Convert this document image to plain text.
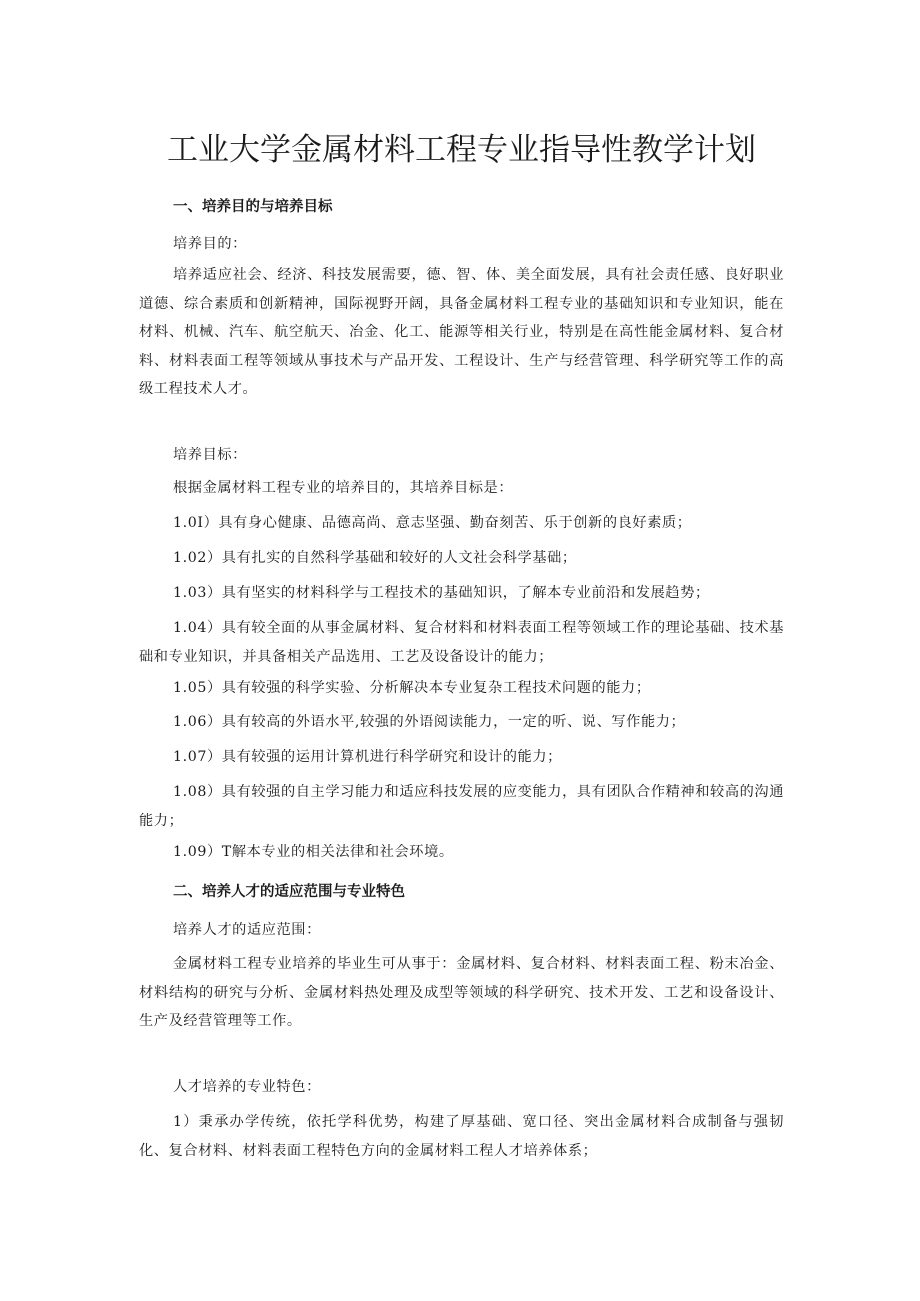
工业大学金属材料工程专业指导性教学计划
一、培养目的与培养目标

培养目的：

培养适应社会、经济、科技发展需要，德、智、体、美全面发展，具有社会责任感、良好职业道德、综合素质和创新精神，国际视野开阔，具备金属材料工程专业的基础知识和专业知识，能在材料、机械、汽车、航空航天、冶金、化工、能源等相关行业，特别是在高性能金属材料、复合材料、材料表面工程等领域从事技术与产品开发、工程设计、生产与经营管理、科学研究等工作的高级工程技术人才。

培养目标：

根据金属材料工程专业的培养目的，其培养目标是：

1.0I）具有身心健康、品德高尚、意志坚强、勤奋刻苦、乐于创新的良好素质；

1.02）具有扎实的自然科学基础和较好的人文社会科学基础；

1.03）具有坚实的材料科学与工程技术的基础知识，了解本专业前沿和发展趋势；

1.04）具有较全面的从事金属材料、复合材料和材料表面工程等领域工作的理论基础、技术基础和专业知识，并具备相关产品选用、工艺及设备设计的能力；

1.05）具有较强的科学实验、分析解决本专业复杂工程技术问题的能力；

1.06）具有较高的外语水平,较强的外语阅读能力，一定的听、说、写作能力；

1.07）具有较强的运用计算机进行科学研究和设计的能力；

1.08）具有较强的自主学习能力和适应科技发展的应变能力，具有团队合作精神和较高的沟通能力；

1.09）T解本专业的相关法律和社会环境。

二、培养人才的适应范围与专业特色

培养人才的适应范围：

金属材料工程专业培养的毕业生可从事于：金属材料、复合材料、材料表面工程、粉末冶金、材料结构的研究与分析、金属材料热处理及成型等领域的科学研究、技术开发、工艺和设备设计、生产及经营管理等工作。

人才培养的专业特色：

1）秉承办学传统，依托学科优势，构建了厚基础、宽口径、突出金属材料合成制备与强韧化、复合材料、材料表面工程特色方向的金属材料工程人才培养体系；
